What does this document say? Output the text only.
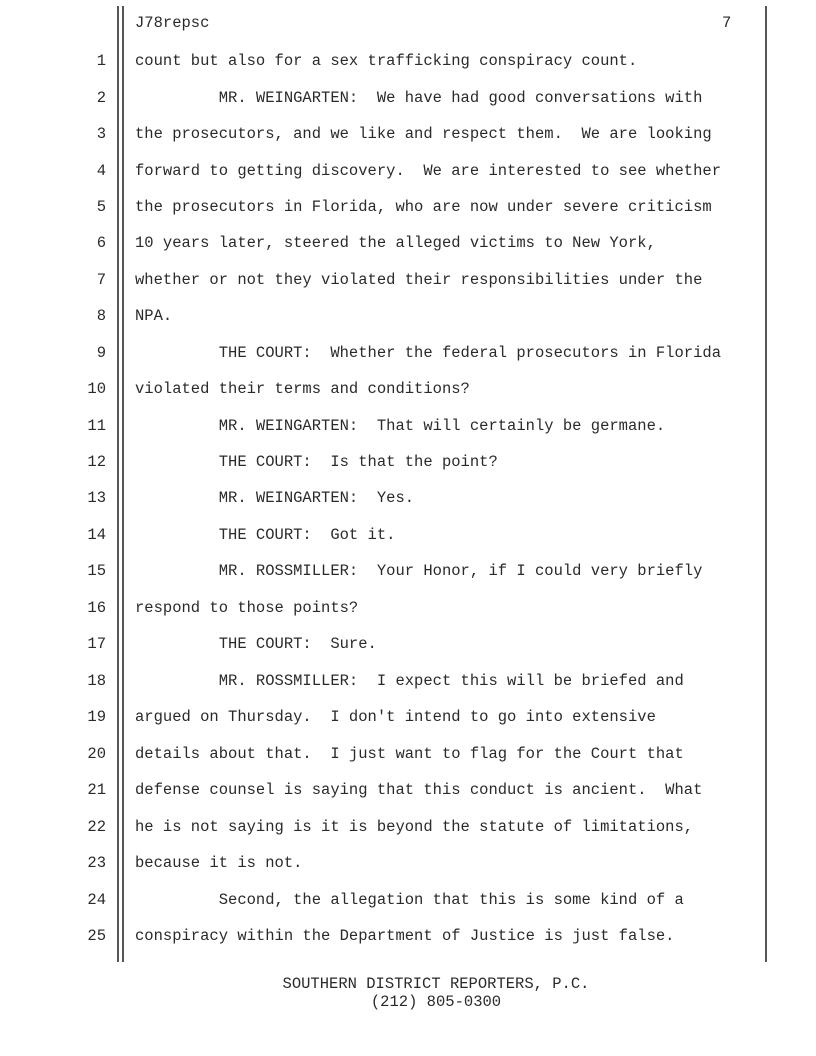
J78repsc	7
1 count but also for a sex trafficking conspiracy count.
2 MR. WEINGARTEN:  We have had good conversations with
3 the prosecutors, and we like and respect them.  We are looking
4 forward to getting discovery.  We are interested to see whether
5 the prosecutors in Florida, who are now under severe criticism
6 10 years later, steered the alleged victims to New York,
7 whether or not they violated their responsibilities under the
8 NPA.
9 THE COURT:  Whether the federal prosecutors in Florida
10 violated their terms and conditions?
11 MR. WEINGARTEN:  That will certainly be germane.
12 THE COURT:  Is that the point?
13 MR. WEINGARTEN:  Yes.
14 THE COURT:  Got it.
15 MR. ROSSMILLER:  Your Honor, if I could very briefly
16 respond to those points?
17 THE COURT:  Sure.
18 MR. ROSSMILLER:  I expect this will be briefed and
19 argued on Thursday.  I don't intend to go into extensive
20 details about that.  I just want to flag for the Court that
21 defense counsel is saying that this conduct is ancient.  What
22 he is not saying is it is beyond the statute of limitations,
23 because it is not.
24 Second, the allegation that this is some kind of a
25 conspiracy within the Department of Justice is just false.
SOUTHERN DISTRICT REPORTERS, P.C.
(212) 805-0300
